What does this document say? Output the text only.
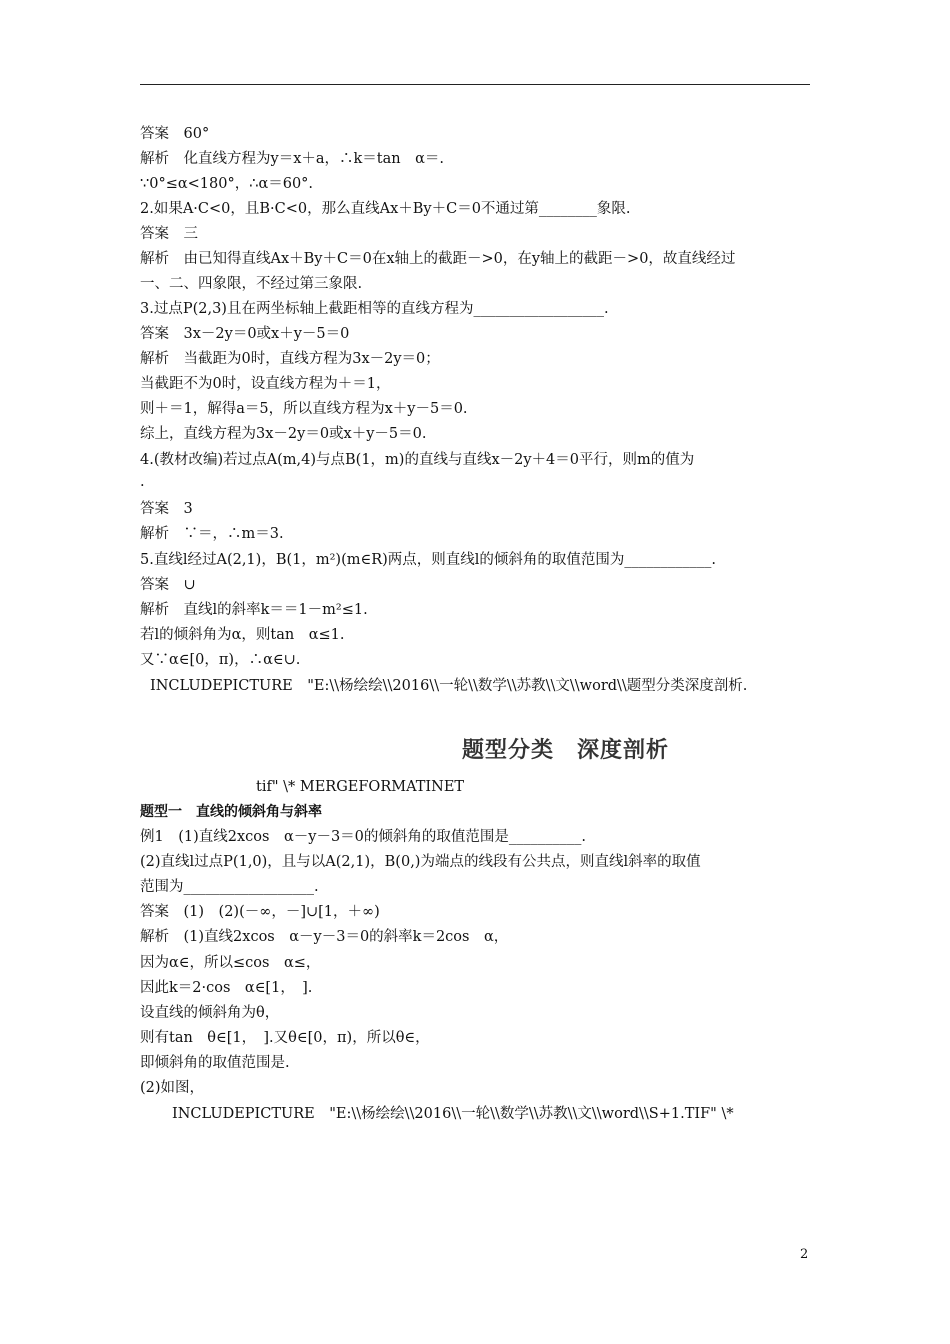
答案　60°
解析　化直线方程为y＝x＋a，∴k＝tan　α＝.
∵0°≤α<180°，∴α＝60°.
2.如果A·C<0，且B·C<0，那么直线Ax＋By＋C＝0不通过第________象限.
答案　三
解析　由已知得直线Ax＋By＋C＝0在x轴上的截距－>0，在y轴上的截距－>0，故直线经过
一、二、四象限，不经过第三象限.
3.过点P(2,3)且在两坐标轴上截距相等的直线方程为__________________.
答案　3x－2y＝0或x＋y－5＝0
解析　当截距为0时，直线方程为3x－2y＝0；
当截距不为0时，设直线方程为＋＝1，
则＋＝1，解得a＝5，所以直线方程为x＋y－5＝0.
综上，直线方程为3x－2y＝0或x＋y－5＝0.
4.(教材改编)若过点A(m,4)与点B(1，m)的直线与直线x－2y＋4＝0平行，则m的值为
.
答案　3
解析　∵＝，∴m＝3.
5.直线l经过A(2,1)，B(1，m²)(m∈R)两点，则直线l的倾斜角的取值范围为____________.
答案　∪
解析　直线l的斜率k＝＝1－m²≤1.
若l的倾斜角为α，则tan　α≤1.
又∵α∈[0，π)，∴α∈∪.
INCLUDEPICTURE　"E:\\杨绘绘\\2016\\一轮\\数学\\苏教\\文\\word\\题型分类深度剖析.
题型分类　深度剖析
tif" \* MERGEFORMATINET
题型一　直线的倾斜角与斜率
例1　(1)直线2xcos　α－y－3＝0的倾斜角的取值范围是__________.
(2)直线l过点P(1,0)，且与以A(2,1)，B(0,)为端点的线段有公共点，则直线l斜率的取值
范围为__________________.
答案　(1)　(2)(－∞，－]∪[1，＋∞)
解析　(1)直线2xcos　α－y－3＝0的斜率k＝2cos　α，
因为α∈，所以≤cos　α≤，
因此k＝2·cos　α∈[1，　].
设直线的倾斜角为θ，
则有tan　θ∈[1，　].又θ∈[0，π)，所以θ∈，
即倾斜角的取值范围是.
(2)如图，
INCLUDEPICTURE　"E:\\杨绘绘\\2016\\一轮\\数学\\苏教\\文\\word\\S+1.TIF" \*
2
